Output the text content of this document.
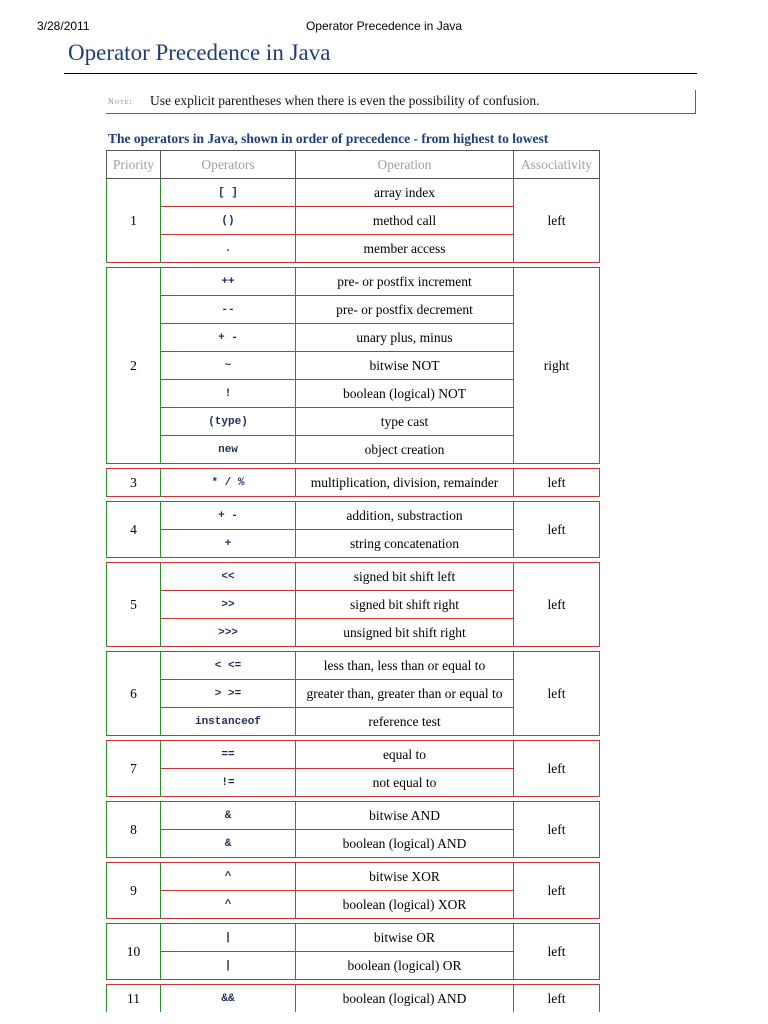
3/28/2011	Operator Precedence in Java
Operator Precedence in Java
Note: Use explicit parentheses when there is even the possibility of confusion.
The operators in Java, shown in order of precedence - from highest to lowest
Priority	Operators	Operation	Associativity
1	[ ]	array index	left
	()	method call	
	.	member access	

2	++	pre- or postfix increment	right
	--	pre- or postfix decrement	
	+ -	unary plus, minus	
	~	bitwise NOT	
	!	boolean (logical) NOT	
	(type)	type cast	
	new	object creation	

3	* / %	multiplication, division, remainder	left

4	+ -	addition, substraction	left
	+	string concatenation	

5	<<	signed bit shift left	left
	>>	signed bit shift right	
	>>>	unsigned bit shift right	

6	< <=	less than, less than or equal to	left
	> >=	greater than, greater than or equal to	
	instanceof	reference test	

7	==	equal to	left
	!=	not equal to	

8	&	bitwise AND	left
	&	boolean (logical) AND	

9	^	bitwise XOR	left
	^	boolean (logical) XOR	

10	|	bitwise OR	left
	|	boolean (logical) OR	

11	&&	boolean (logical) AND	left
